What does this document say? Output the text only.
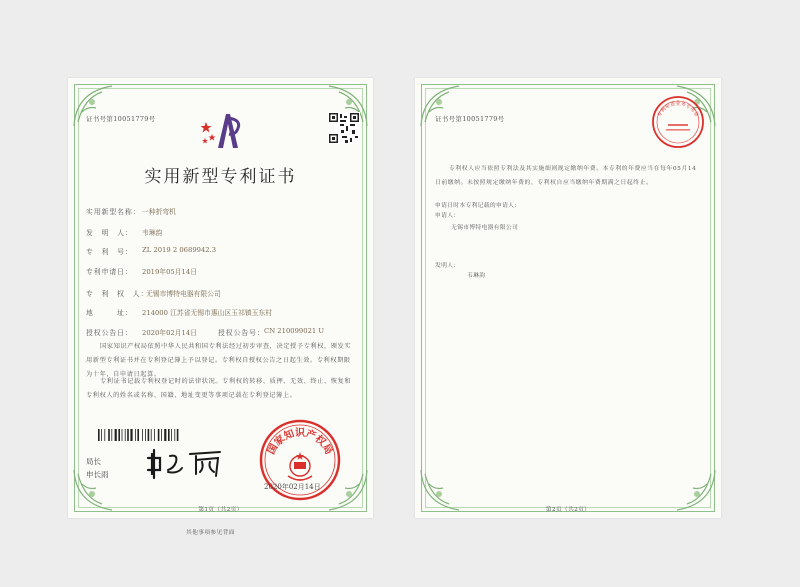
证书号第10051779号
实用新型专利证书
实用新型名称： 一种折弯机
发　明　人： 韦琳韵
专　利　号： ZL 2019 2 0689942.3
专利申请日： 2019年05月14日
专　利　权　人：
无锡市博特电器有限公司
地　　　址： 214000 江苏省无锡市惠山区玉祁镇玉东村
授权公告日： 2020年02月14日	授权公告号： CN 210099021 U
国家知识产权局依照中华人民共和国专利法经过初步审查，决定授予专利权，颁发实用新型专利证书并在专利登记簿上予以登记。专利权自授权公告之日起生效。专利权期限为十年，自申请日起算。
专利证书记载专利权登记时的法律状况。专利权的转移、质押、无效、终止、恢复和专利权人的姓名或名称、国籍、地址变更等事项记载在专利登记簿上。
局长
申长雨
国家知识产权局
2020年02月14日
第1页（共2页）
其他事项参见背面
证书号第10051779号
专利审查业务专用章
专利权人应当依照专利法及其实施细则规定缴纳年费。本专利的年费应当在每年05月14日前缴纳。未按照规定缴纳年费的，专利权自应当缴纳年费期满之日起终止。
申请日时本专利记载的申请人：
申请人：
无锡市博特电器有限公司
发明人：
韦琳韵
第2页（共2页）
